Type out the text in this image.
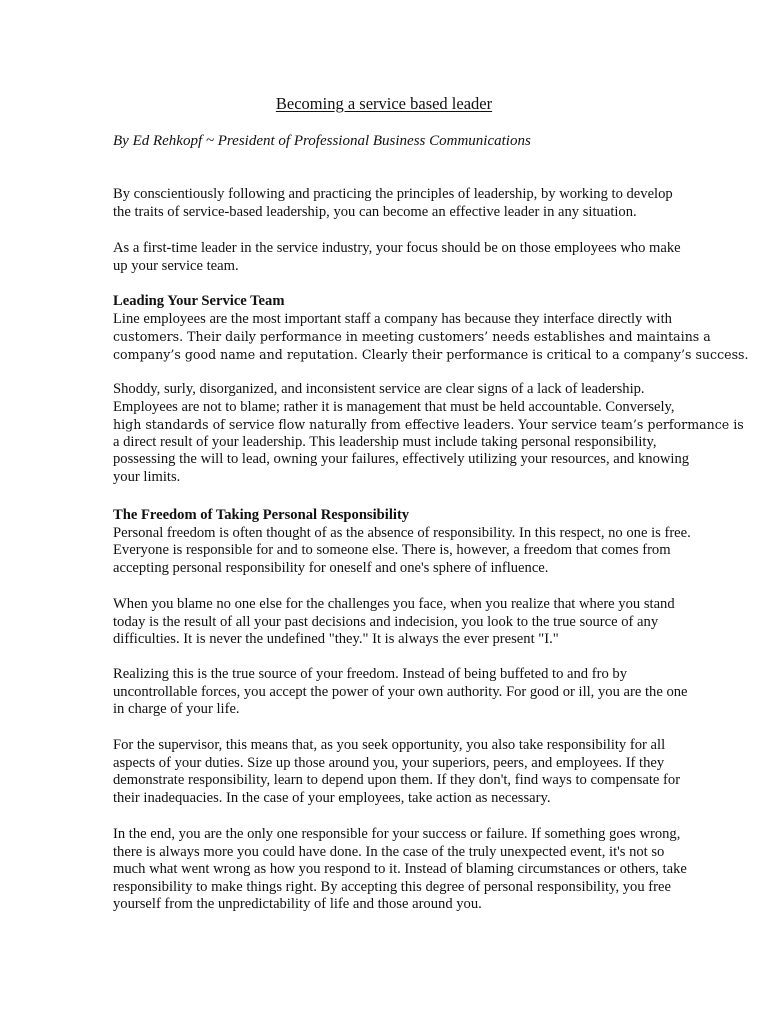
Becoming a service based leader
By Ed Rehkopf ~ President of Professional Business Communications

By conscientiously following and practicing the principles of leadership, by working to develop
the traits of service-based leadership, you can become an effective leader in any situation.

As a first-time leader in the service industry, your focus should be on those employees who make
up your service team.

Leading Your Service Team
Line employees are the most important staff a company has because they interface directly with
customers. Their daily performance in meeting customers’ needs establishes and maintains a
company’s good name and reputation. Clearly their performance is critical to a company’s success.

Shoddy, surly, disorganized, and inconsistent service are clear signs of a lack of leadership.
Employees are not to blame; rather it is management that must be held accountable. Conversely,
high standards of service flow naturally from effective leaders. Your service team’s performance is
a direct result of your leadership. This leadership must include taking personal responsibility,
possessing the will to lead, owning your failures, effectively utilizing your resources, and knowing
your limits.

The Freedom of Taking Personal Responsibility
Personal freedom is often thought of as the absence of responsibility. In this respect, no one is free.
Everyone is responsible for and to someone else. There is, however, a freedom that comes from
accepting personal responsibility for oneself and one's sphere of influence.

When you blame no one else for the challenges you face, when you realize that where you stand
today is the result of all your past decisions and indecision, you look to the true source of any
difficulties. It is never the undefined "they." It is always the ever present "I."

Realizing this is the true source of your freedom. Instead of being buffeted to and fro by
uncontrollable forces, you accept the power of your own authority. For good or ill, you are the one
in charge of your life.

For the supervisor, this means that, as you seek opportunity, you also take responsibility for all
aspects of your duties. Size up those around you, your superiors, peers, and employees. If they
demonstrate responsibility, learn to depend upon them. If they don't, find ways to compensate for
their inadequacies. In the case of your employees, take action as necessary.

In the end, you are the only one responsible for your success or failure. If something goes wrong,
there is always more you could have done. In the case of the truly unexpected event, it's not so
much what went wrong as how you respond to it. Instead of blaming circumstances or others, take
responsibility to make things right. By accepting this degree of personal responsibility, you free
yourself from the unpredictability of life and those around you.
